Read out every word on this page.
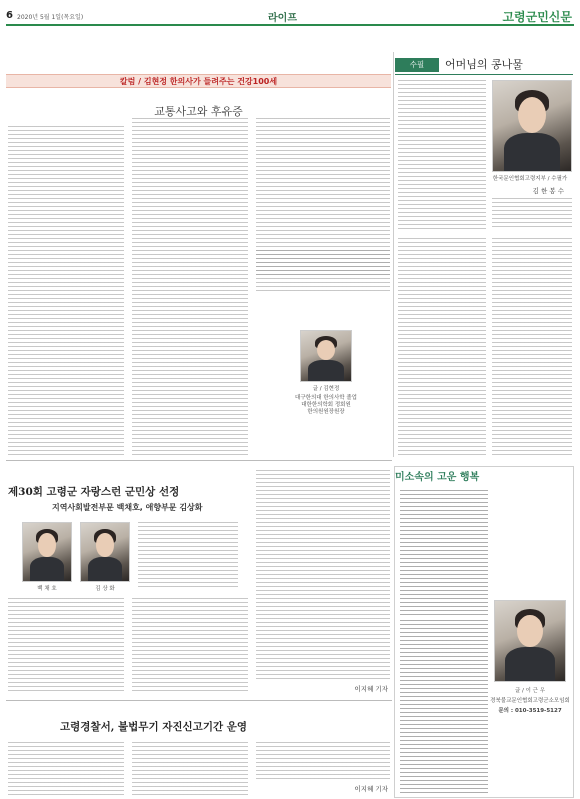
6 2020년 5월 1일(목요일)	라이프	고령군민신문
칼럼 / 김현정 한의사가 들려주는 건강100세
교통사고와 후유증
글 / 김현정
대구한의대 한의사학 졸업
대한한의학회 정회원
한의원원장원장
수필	어머님의 콩나물
한국문인협회고령지부 / 수필가
김 한 봉 수
제30회 고령군 자랑스런 군민상 선정
지역사회발전부문 백채호, 애향부문 김상화
백 채 호	김 상 화
이지혜 기자
고령경찰서, 불법무기 자진신고기간 운영
이지혜 기자
미소속의 고운 행복
글 / 이 근 우
경북불교문인협회고령군소모임회
문의 : 010-3519-5127
